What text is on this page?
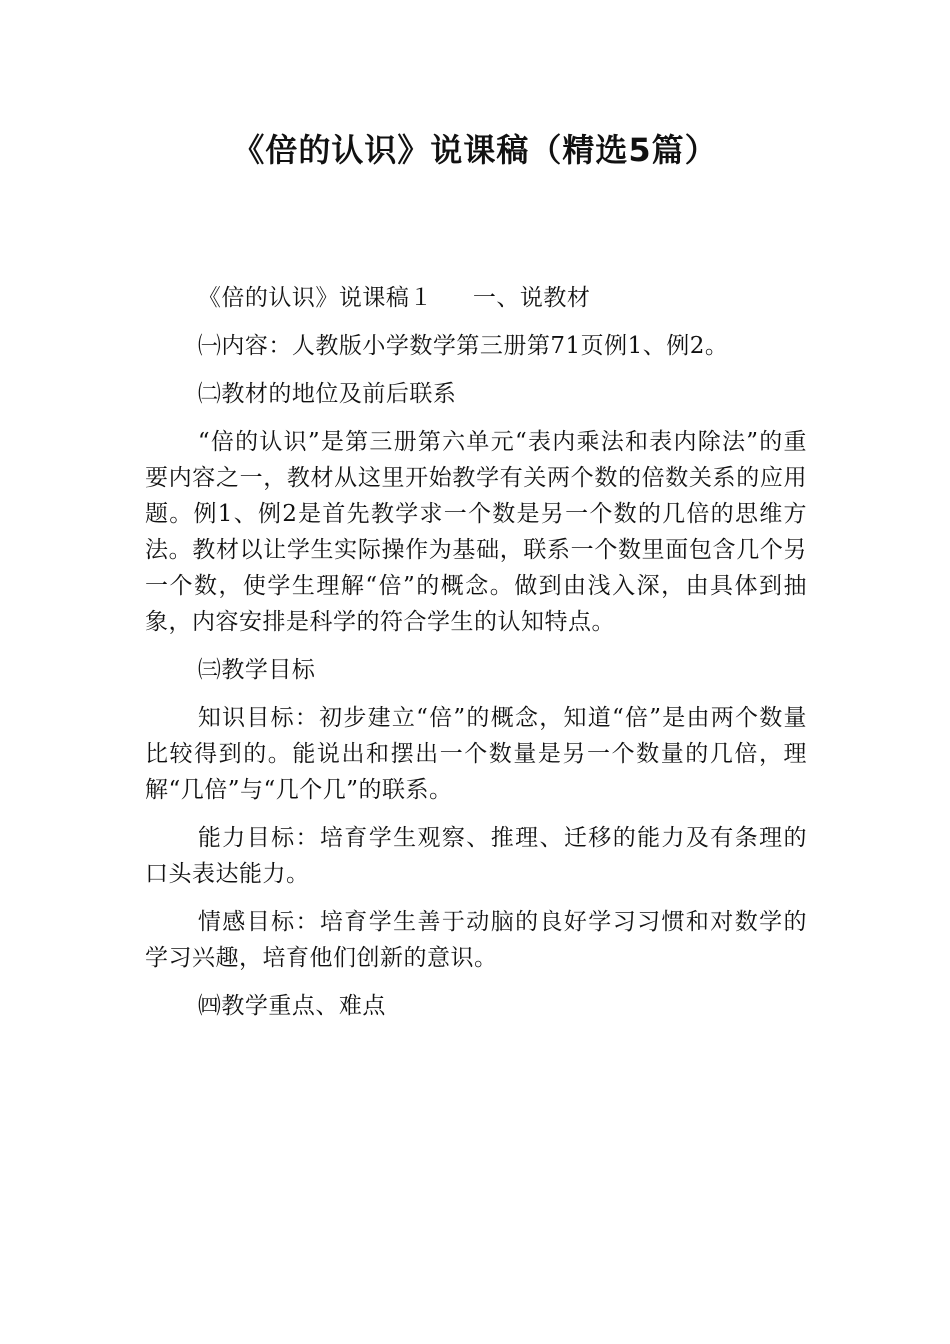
《倍的认识》说课稿（精选5篇）

《倍的认识》说课稿１ 一、说教材

㈠内容：人教版小学数学第三册第71页例1、例2。

㈡教材的地位及前后联系

“倍的认识”是第三册第六单元“表内乘法和表内除法”的重要内容之一，教材从这里开始教学有关两个数的倍数关系的应用题。例1、例2是首先教学求一个数是另一个数的几倍的思维方法。教材以让学生实际操作为基础，联系一个数里面包含几个另一个数，使学生理解“倍”的概念。做到由浅入深，由具体到抽象，内容安排是科学的符合学生的认知特点。

㈢教学目标

知识目标：初步建立“倍”的概念，知道“倍”是由两个数量比较得到的。能说出和摆出一个数量是另一个数量的几倍，理解“几倍”与“几个几”的联系。

能力目标：培育学生观察、推理、迁移的能力及有条理的口头表达能力。

情感目标：培育学生善于动脑的良好学习习惯和对数学的学习兴趣，培育他们创新的意识。

㈣教学重点、难点
